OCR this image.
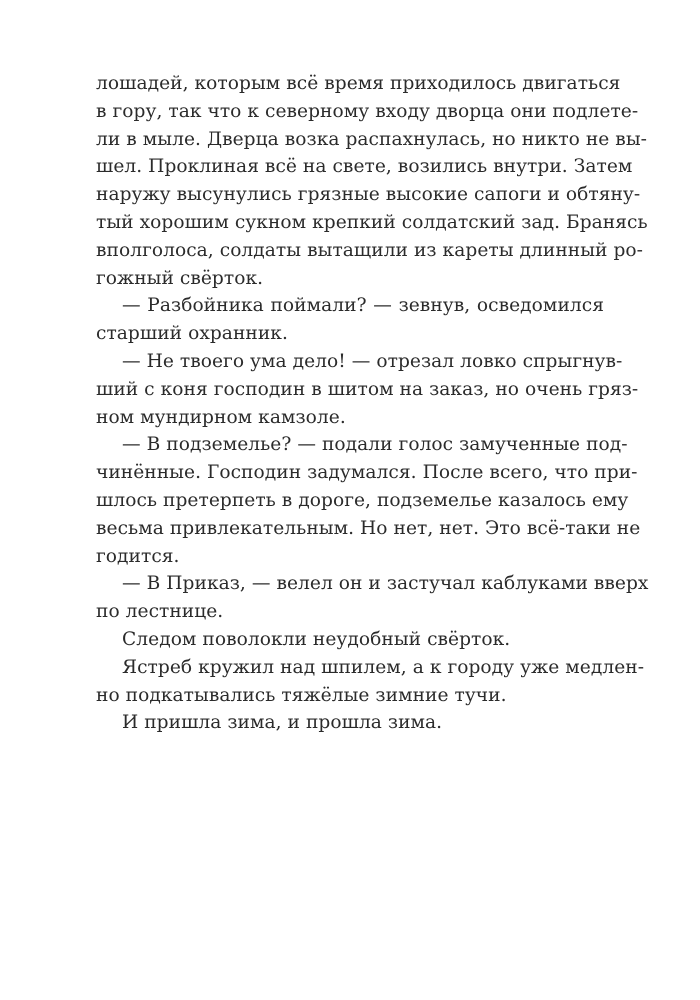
лошадей, которым всё время приходилось двигаться
в гору, так что к северному входу дворца они подлете-
ли в мыле. Дверца возка распахнулась, но никто не вы-
шел. Проклиная всё на свете, возились внутри. Затем
наружу высунулись грязные высокие сапоги и обтяну-
тый хорошим сукном крепкий солдатский зад. Бранясь
вполголоса, солдаты вытащили из кареты длинный ро-
гожный свёрток.
— Разбойника поймали? — зевнув, осведомился
старший охранник.
— Не твоего ума дело! — отрезал ловко спрыгнув-
ший с коня господин в шитом на заказ, но очень гряз-
ном мундирном камзоле.
— В подземелье? — подали голос замученные под-
чинённые. Господин задумался. После всего, что при-
шлось претерпеть в дороге, подземелье казалось ему
весьма привлекательным. Но нет, нет. Это всё-таки не
годится.
— В Приказ, — велел он и застучал каблуками вверх
по лестнице.
Следом поволокли неудобный свёрток.
Ястреб кружил над шпилем, а к городу уже медлен-
но подкатывались тяжёлые зимние тучи.
И пришла зима, и прошла зима.
